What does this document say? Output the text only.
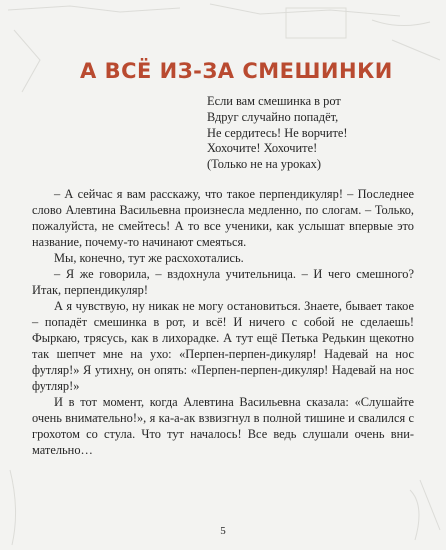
А ВСЁ ИЗ-ЗА СМЕШИНКИ
Если вам смешинка в рот
Вдруг случайно попадёт,
Не сердитесь! Не ворчите!
Хохочите! Хохочите!
(Только не на уроках)

– А сейчас я вам расскажу, что такое перпендикуляр! – Последнее слово Алевтина Васильевна произнесла медленно, по слогам. – Только, пожалуйста, не смейтесь! А то все ученики, как услышат впервые это название, почему-то начинают смеяться.

Мы, конечно, тут же расхохотались.

– Я же говорила, – вздохнула учительница. – И чего смешного? Итак, перпендикуляр!

А я чувствую, ну никак не могу остановиться. Знаете, бывает такое – попадёт смешинка в рот, и всё! И ничего с собой не сделаешь! Фыркаю, трясусь, как в лихорадке. А тут ещё Петька Редькин щекотно так шепчет мне на ухо: «Перпен-перпен-дикуляр! Надевай на нос футляр!» Я утихну, он опять: «Перпен-перпен-дикуляр! Надевай на нос футляр!»

И в тот момент, когда Алевтина Васильевна сказала: «Слушайте очень внимательно!», я ка-а-ак взвизгнул в полной тишине и свалился с грохотом со стула. Что тут началось! Все ведь слушали очень внимательно…

5
